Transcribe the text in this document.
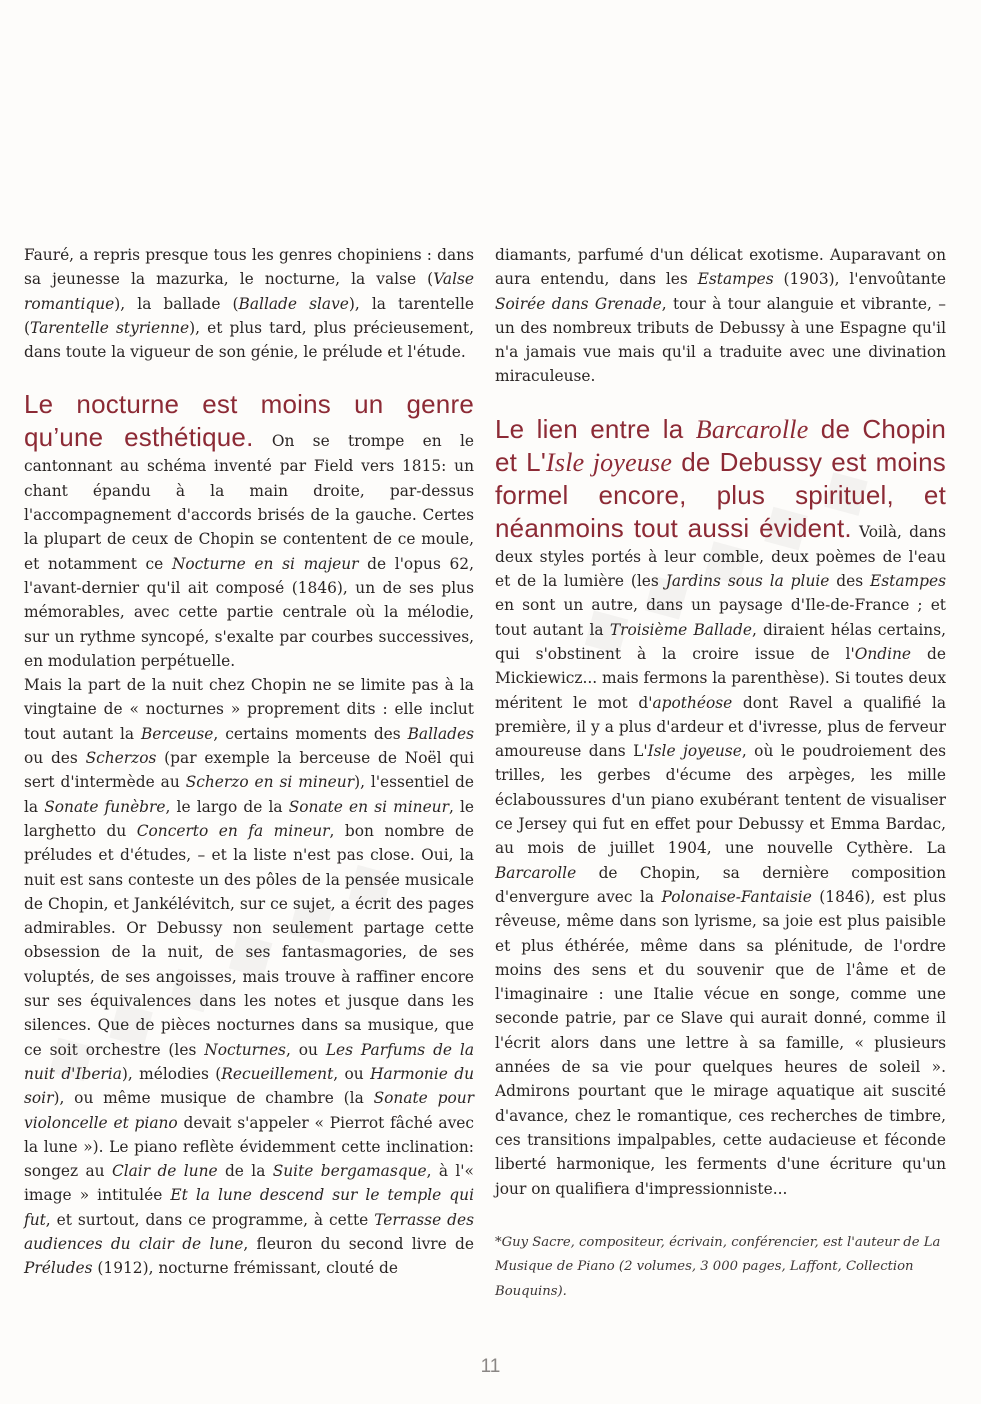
Fauré, a repris presque tous les genres chopiniens : dans sa jeunesse la mazurka, le nocturne, la valse (Valse romantique), la ballade (Ballade slave), la tarentelle (Tarentelle styrienne), et plus tard, plus précieusement, dans toute la vigueur de son génie, le prélude et l'étude.

Le nocturne est moins un genre qu’une esthétique. On se trompe en le cantonnant au schéma inventé par Field vers 1815: un chant épandu à la main droite, par-dessus l'accompagnement d'accords brisés de la gauche. Certes la plupart de ceux de Chopin se contentent de ce moule, et notamment ce Nocturne en si majeur de l'opus 62, l'avant-dernier qu'il ait composé (1846), un de ses plus mémorables, avec cette partie centrale où la mélodie, sur un rythme syncopé, s'exalte par courbes successives, en modulation perpétuelle.

Mais la part de la nuit chez Chopin ne se limite pas à la vingtaine de « nocturnes » proprement dits : elle inclut tout autant la Berceuse, certains moments des Ballades ou des Scherzos (par exemple la berceuse de Noël qui sert d'intermède au Scherzo en si mineur), l'essentiel de la Sonate funèbre, le largo de la Sonate en si mineur, le larghetto du Concerto en fa mineur, bon nombre de préludes et d'études, – et la liste n'est pas close. Oui, la nuit est sans conteste un des pôles de la pensée musicale de Chopin, et Jankélévitch, sur ce sujet, a écrit des pages admirables. Or Debussy non seulement partage cette obsession de la nuit, de ses fantasmagories, de ses voluptés, de ses angoisses, mais trouve à raffiner encore sur ses équivalences dans les notes et jusque dans les silences. Que de pièces nocturnes dans sa musique, que ce soit orchestre (les Nocturnes, ou Les Parfums de la nuit d'Iberia), mélodies (Recueillement, ou Harmonie du soir), ou même musique de chambre (la Sonate pour violoncelle et piano devait s'appeler « Pierrot fâché avec la lune »). Le piano reflète évidemment cette inclination: songez au Clair de lune de la Suite bergamasque, à l'« image » intitulée Et la lune descend sur le temple qui fut, et surtout, dans ce programme, à cette Terrasse des audiences du clair de lune, fleuron du second livre de Préludes (1912), nocturne frémissant, clouté de

diamants, parfumé d'un délicat exotisme. Auparavant on aura entendu, dans les Estampes (1903), l'envoûtante Soirée dans Grenade, tour à tour alanguie et vibrante, – un des nombreux tributs de Debussy à une Espagne qu'il n'a jamais vue mais qu'il a traduite avec une divination miraculeuse.

Le lien entre la Barcarolle de Chopin et L'Isle joyeuse de Debussy est moins formel encore, plus spirituel, et néanmoins tout aussi évident. Voilà, dans deux styles portés à leur comble, deux poèmes de l'eau et de la lumière (les Jardins sous la pluie des Estampes en sont un autre, dans un paysage d'Ile-de-France ; et tout autant la Troisième Ballade, diraient hélas certains, qui s'obstinent à la croire issue de l'Ondine de Mickiewicz... mais fermons la parenthèse). Si toutes deux méritent le mot d'apothéose dont Ravel a qualifié la première, il y a plus d'ardeur et d'ivresse, plus de ferveur amoureuse dans L'Isle joyeuse, où le poudroiement des trilles, les gerbes d'écume des arpèges, les mille éclaboussures d'un piano exubérant tentent de visualiser ce Jersey qui fut en effet pour Debussy et Emma Bardac, au mois de juillet 1904, une nouvelle Cythère. La Barcarolle de Chopin, sa dernière composition d'envergure avec la Polonaise-Fantaisie (1846), est plus rêveuse, même dans son lyrisme, sa joie est plus paisible et plus éthérée, même dans sa plénitude, de l'ordre moins des sens et du souvenir que de l'âme et de l'imaginaire : une Italie vécue en songe, comme une seconde patrie, par ce Slave qui aurait donné, comme il l'écrit alors dans une lettre à sa famille, « plusieurs années de sa vie pour quelques heures de soleil ». Admirons pourtant que le mirage aquatique ait suscité d'avance, chez le romantique, ces recherches de timbre, ces transitions impalpables, cette audacieuse et féconde liberté harmonique, les ferments d'une écriture qu'un jour on qualifiera d'impressionniste...

*Guy Sacre, compositeur, écrivain, conférencier, est l'auteur de La Musique de Piano (2 volumes, 3 000 pages, Laffont, Collection Bouquins).

11
